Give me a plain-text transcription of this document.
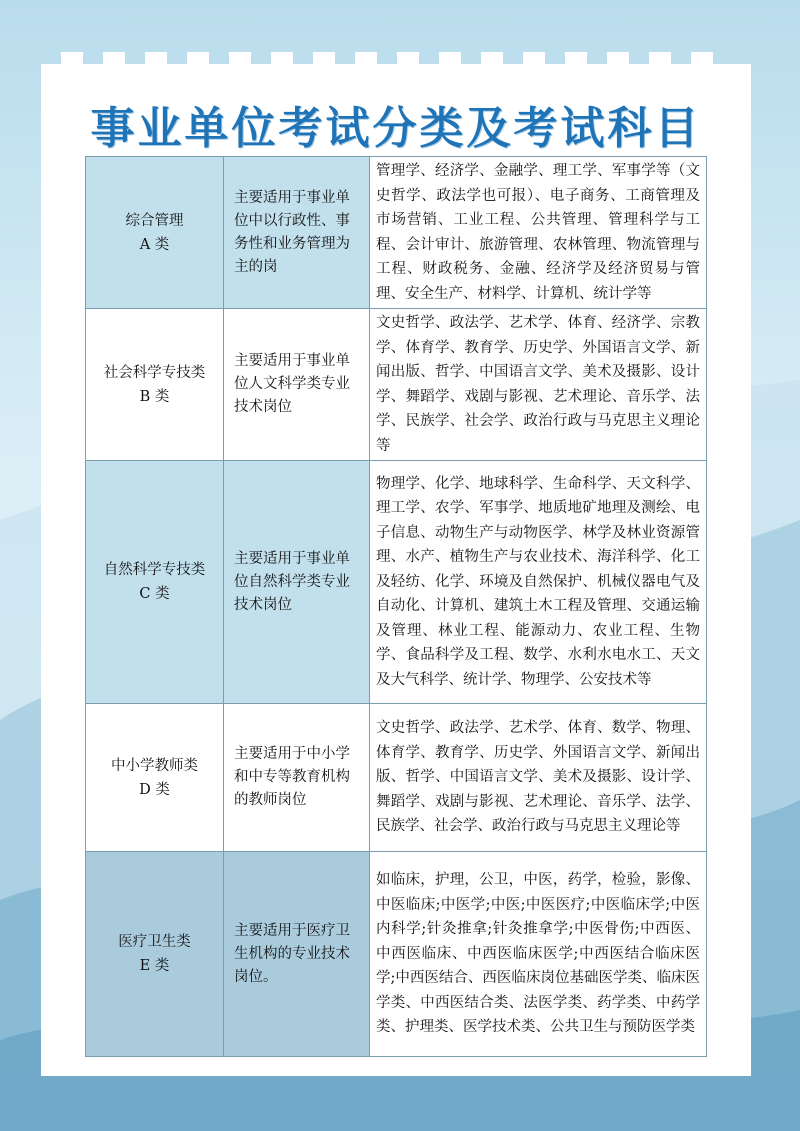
事业单位考试分类及考试科目
综合管理
A 类	主要适用于事业单位中以行政性、事务性和业务管理为主的岗	管理学、经济学、金融学、理工学、军事学等（文史哲学、政法学也可报）、电子商务、工商管理及市场营销、工业工程、公共管理、管理科学与工程、会计审计、旅游管理、农林管理、物流管理与工程、财政税务、金融、经济学及经济贸易与管理、安全生产、材料学、计算机、统计学等

社会科学专技类
B 类	主要适用于事业单位人文科学类专业技术岗位	文史哲学、政法学、艺术学、体育、经济学、宗教学、体育学、教育学、历史学、外国语言文学、新闻出版、哲学、中国语言文学、美术及摄影、设计学、舞蹈学、戏剧与影视、艺术理论、音乐学、法学、民族学、社会学、政治行政与马克思主义理论等

自然科学专技类
C 类	主要适用于事业单位自然科学类专业技术岗位	物理学、化学、地球科学、生命科学、天文科学、理工学、农学、军事学、地质地矿地理及测绘、电子信息、动物生产与动物医学、林学及林业资源管理、水产、植物生产与农业技术、海洋科学、化工及轻纺、化学、环境及自然保护、机械仪器电气及自动化、计算机、建筑土木工程及管理、交通运输及管理、林业工程、能源动力、农业工程、生物学、食品科学及工程、数学、水利水电水工、天文及大气科学、统计学、物理学、公安技术等

中小学教师类
D 类	主要适用于中小学和中专等教育机构的教师岗位	文史哲学、政法学、艺术学、体育、数学、物理、体育学、教育学、历史学、外国语言文学、新闻出版、哲学、中国语言文学、美术及摄影、设计学、舞蹈学、戏剧与影视、艺术理论、音乐学、法学、民族学、社会学、政治行政与马克思主义理论等

医疗卫生类
E 类	主要适用于医疗卫生机构的专业技术岗位。	如临床，护理，公卫，中医，药学，检验，影像、中医临床;中医学;中医;中医医疗;中医临床学;中医内科学;针灸推拿;针灸推拿学;中医骨伤;中西医、中西医临床、中西医临床医学;中西医结合临床医学;中西医结合、西医临床岗位基础医学类、临床医学类、中西医结合类、法医学类、药学类、中药学类、护理类、医学技术类、公共卫生与预防医学类
